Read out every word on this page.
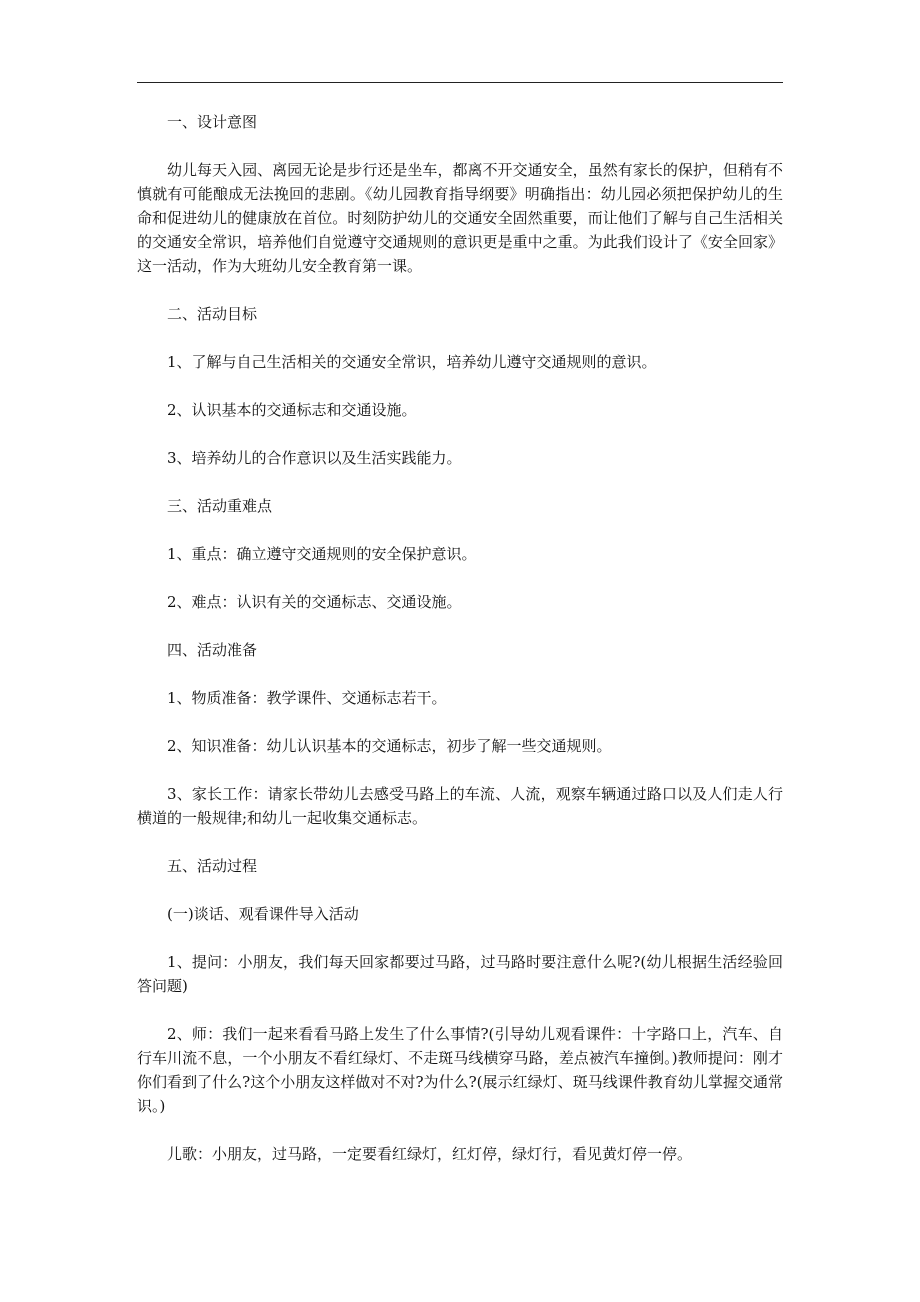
一、设计意图

幼儿每天入园、离园无论是步行还是坐车，都离不开交通安全，虽然有家长的保护，但稍有不慎就有可能酿成无法挽回的悲剧。《幼儿园教育指导纲要》明确指出：幼儿园必须把保护幼儿的生命和促进幼儿的健康放在首位。时刻防护幼儿的交通安全固然重要，而让他们了解与自己生活相关的交通安全常识，培养他们自觉遵守交通规则的意识更是重中之重。为此我们设计了《安全回家》这一活动，作为大班幼儿安全教育第一课。

二、活动目标

1、了解与自己生活相关的交通安全常识，培养幼儿遵守交通规则的意识。

2、认识基本的交通标志和交通设施。

3、培养幼儿的合作意识以及生活实践能力。

三、活动重难点

1、重点：确立遵守交通规则的安全保护意识。

2、难点：认识有关的交通标志、交通设施。

四、活动准备

1、物质准备：教学课件、交通标志若干。

2、知识准备：幼儿认识基本的交通标志，初步了解一些交通规则。

3、家长工作：请家长带幼儿去感受马路上的车流、人流，观察车辆通过路口以及人们走人行横道的一般规律;和幼儿一起收集交通标志。

五、活动过程

(一)谈话、观看课件导入活动

1、提问：小朋友，我们每天回家都要过马路，过马路时要注意什么呢?(幼儿根据生活经验回答问题)

2、师：我们一起来看看马路上发生了什么事情?(引导幼儿观看课件：十字路口上，汽车、自行车川流不息，一个小朋友不看红绿灯、不走斑马线横穿马路，差点被汽车撞倒。)教师提问：刚才你们看到了什么?这个小朋友这样做对不对?为什么?(展示红绿灯、斑马线课件教育幼儿掌握交通常识。)

儿歌：小朋友，过马路，一定要看红绿灯，红灯停，绿灯行，看见黄灯停一停。
